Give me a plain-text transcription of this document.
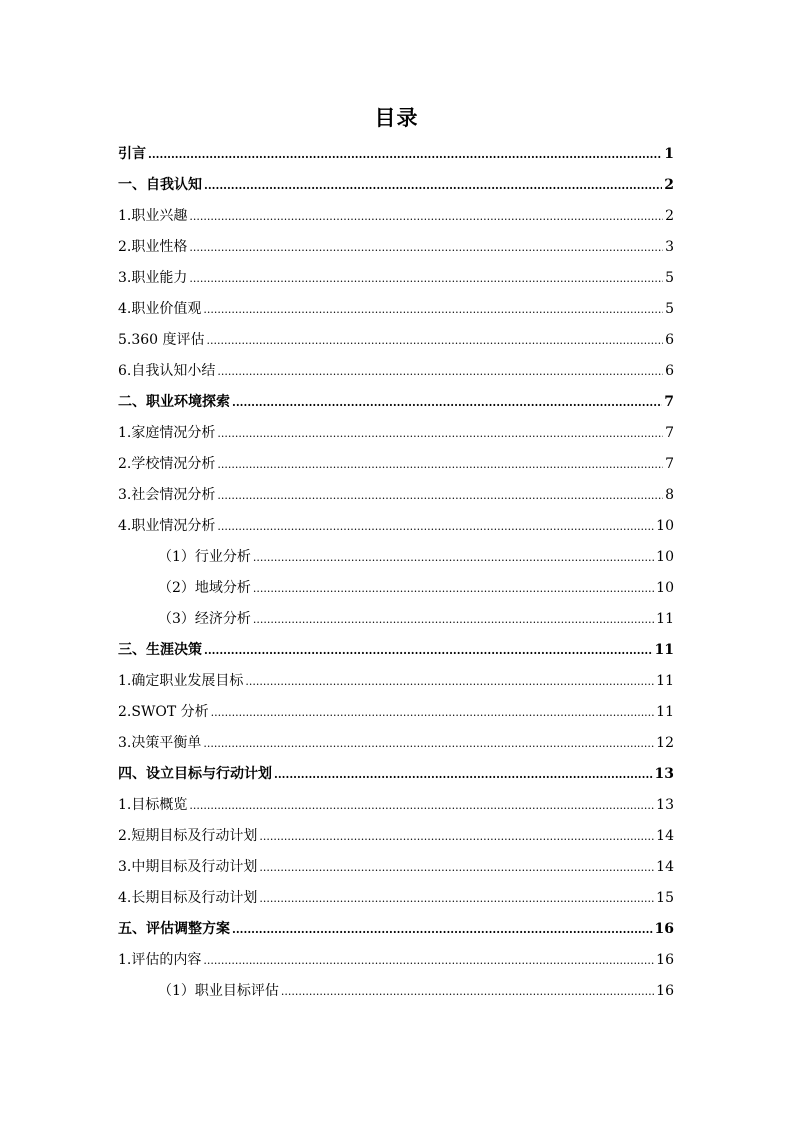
目录
引言 .....	1
一、自我认知 .....	2
1.职业兴趣 .....	2
2.职业性格 .....	3
3.职业能力 .....	5
4.职业价值观 .....	5
5.360 度评估 .....	6
6.自我认知小结 .....	6
二、职业环境探索 .....	7
1.家庭情况分析 .....	7
2.学校情况分析 .....	7
3.社会情况分析 .....	8
4.职业情况分析 .....	10
（1）行业分析 .....	10
（2）地域分析 .....	10
（3）经济分析 .....	11
三、生涯决策 .....	11
1.确定职业发展目标 .....	11
2.SWOT 分析 .....	11
3.决策平衡单 .....	12
四、设立目标与行动计划 .....	13
1.目标概览 .....	13
2.短期目标及行动计划 .....	14
3.中期目标及行动计划 .....	14
4.长期目标及行动计划 .....	15
五、评估调整方案 .....	16
1.评估的内容 .....	16
（1）职业目标评估 .....	16
